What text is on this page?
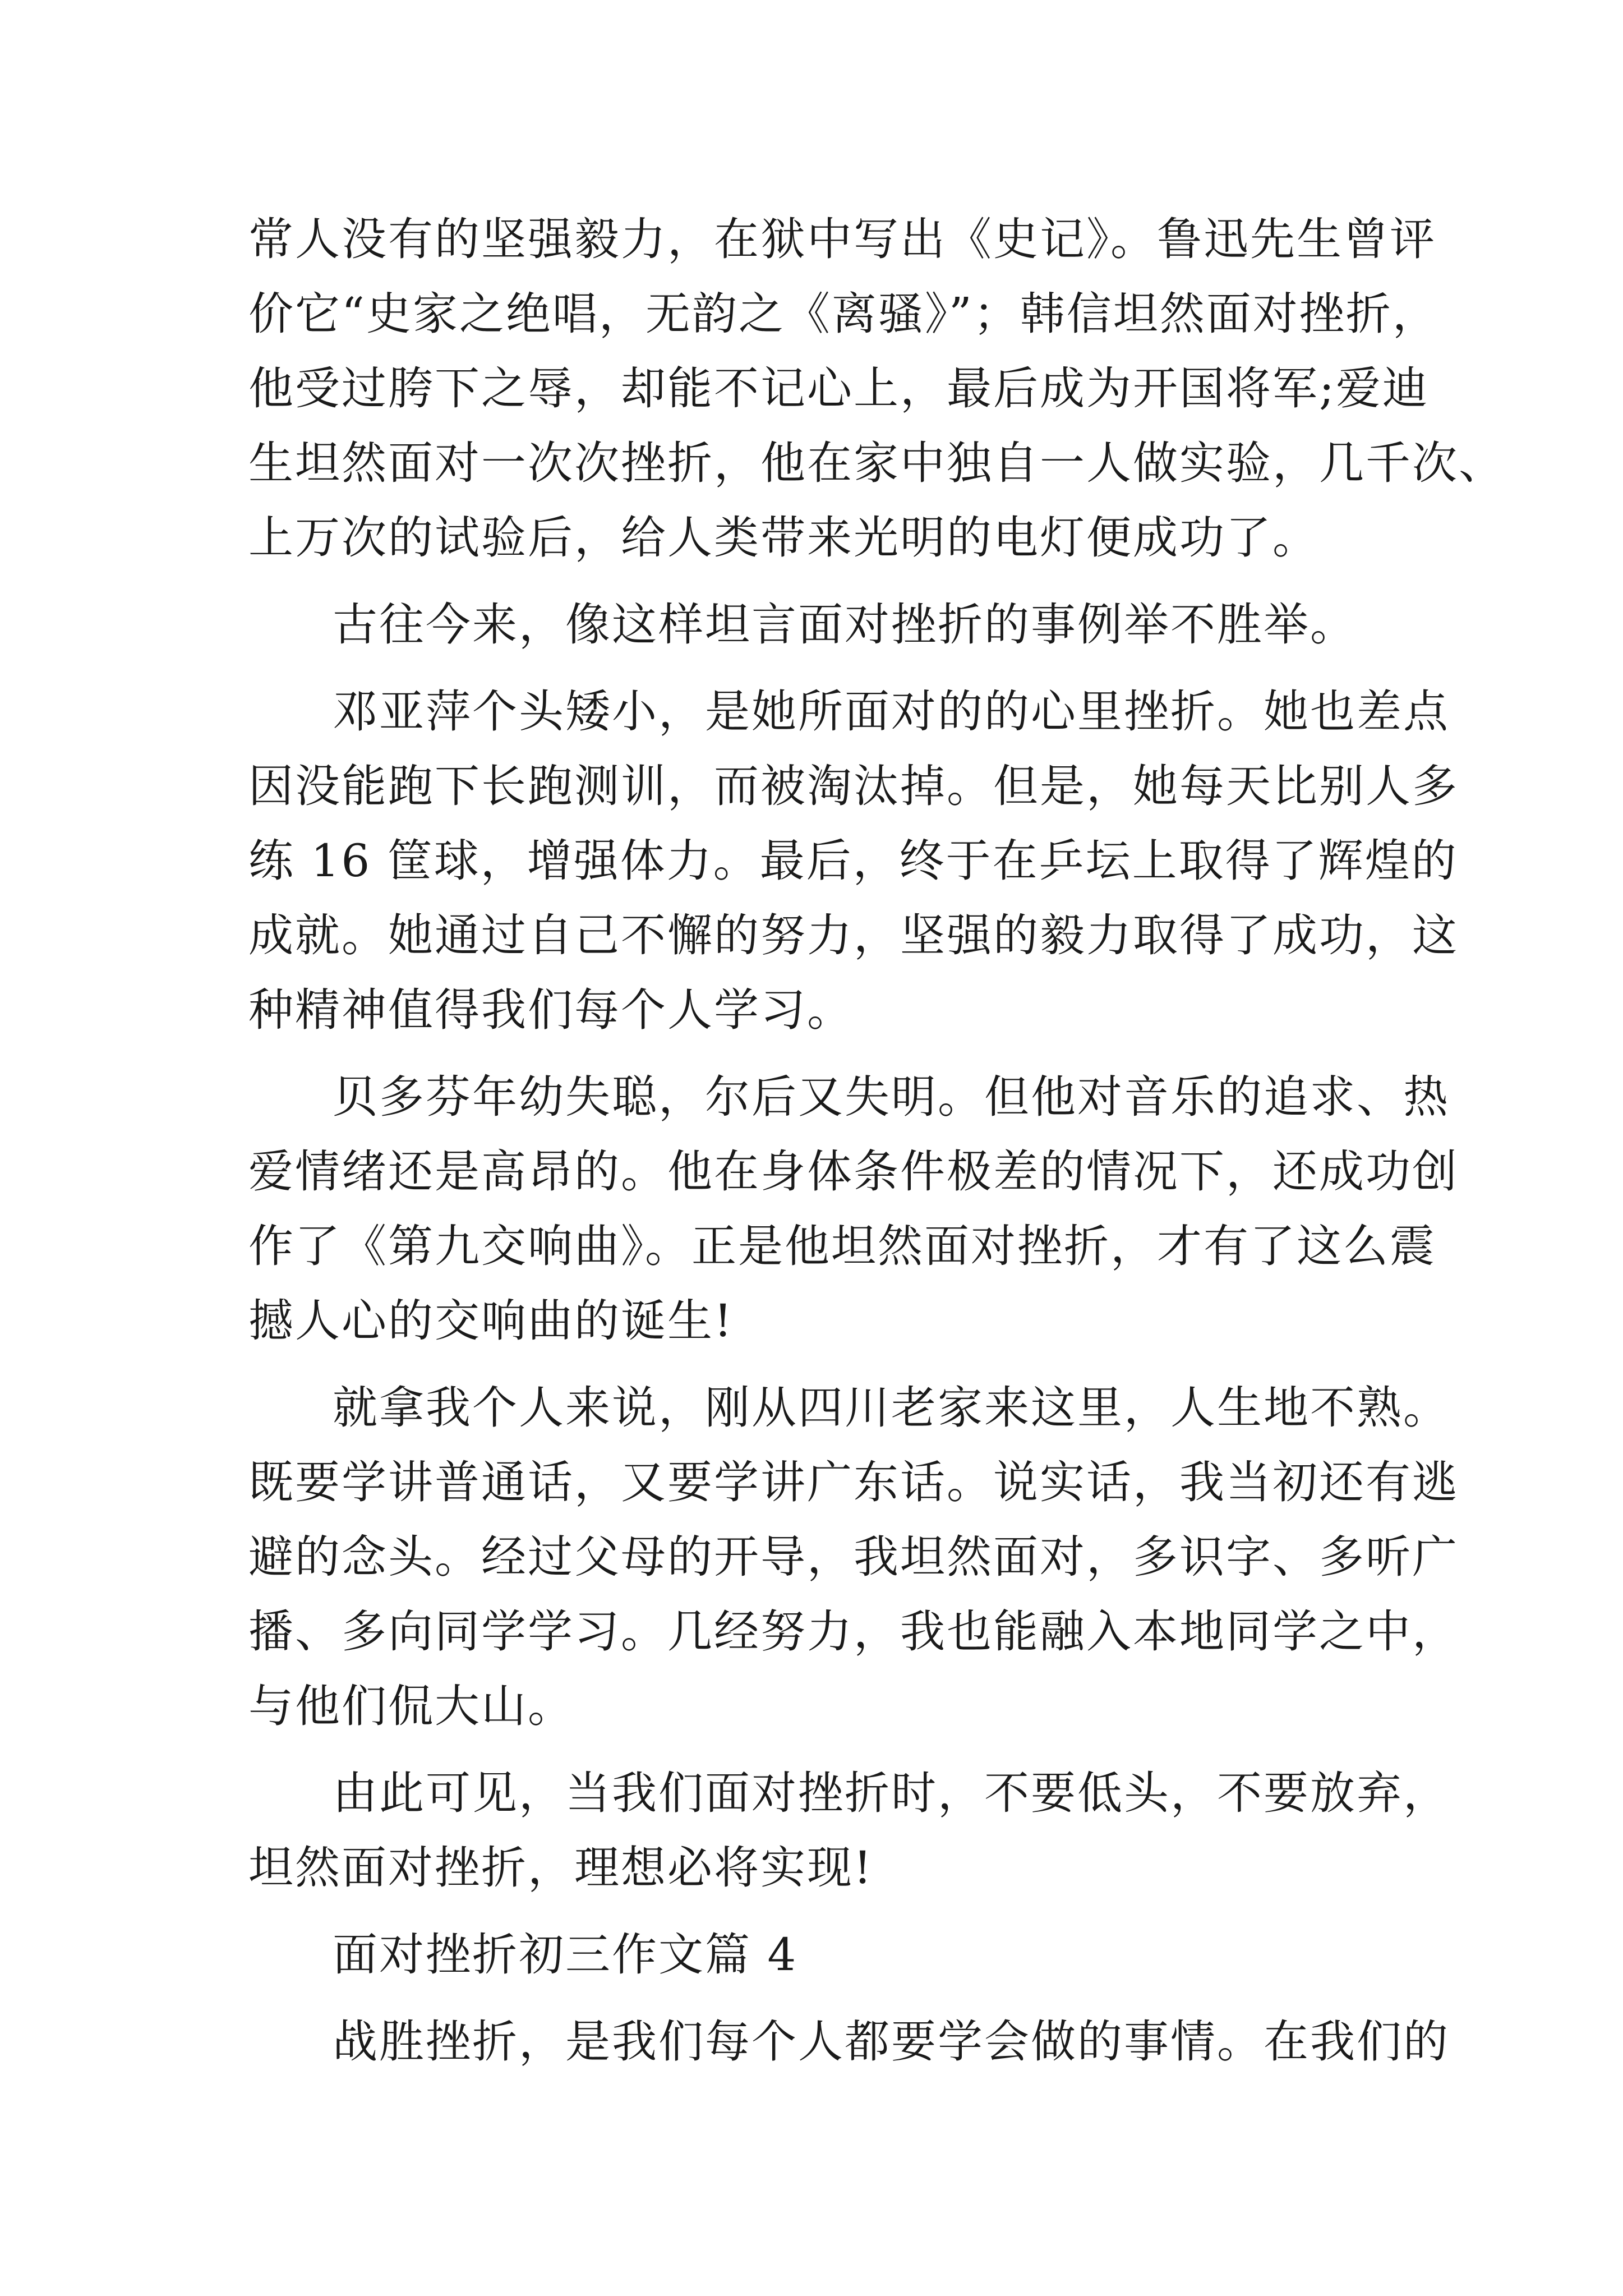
常人没有的坚强毅力，在狱中写出《史记》。鲁迅先生曾评
价它“史家之绝唱，无韵之《离骚》”；韩信坦然面对挫折，
他受过胯下之辱，却能不记心上，最后成为开国将军;爱迪
生坦然面对一次次挫折，他在家中独自一人做实验，几千次、
上万次的试验后，给人类带来光明的电灯便成功了。
古往今来，像这样坦言面对挫折的事例举不胜举。
邓亚萍个头矮小，是她所面对的的心里挫折。她也差点
因没能跑下长跑测训，而被淘汰掉。但是，她每天比别人多
练 16 筐球，增强体力。最后，终于在乒坛上取得了辉煌的
成就。她通过自己不懈的努力，坚强的毅力取得了成功，这
种精神值得我们每个人学习。
贝多芬年幼失聪，尔后又失明。但他对音乐的追求、热
爱情绪还是高昂的。他在身体条件极差的情况下，还成功创
作了《第九交响曲》。正是他坦然面对挫折，才有了这么震
撼人心的交响曲的诞生!
就拿我个人来说，刚从四川老家来这里，人生地不熟。
既要学讲普通话，又要学讲广东话。说实话，我当初还有逃
避的念头。经过父母的开导，我坦然面对，多识字、多听广
播、多向同学学习。几经努力，我也能融入本地同学之中，
与他们侃大山。
由此可见，当我们面对挫折时，不要低头，不要放弃，
坦然面对挫折，理想必将实现!
面对挫折初三作文篇 4
战胜挫折，是我们每个人都要学会做的事情。在我们的
